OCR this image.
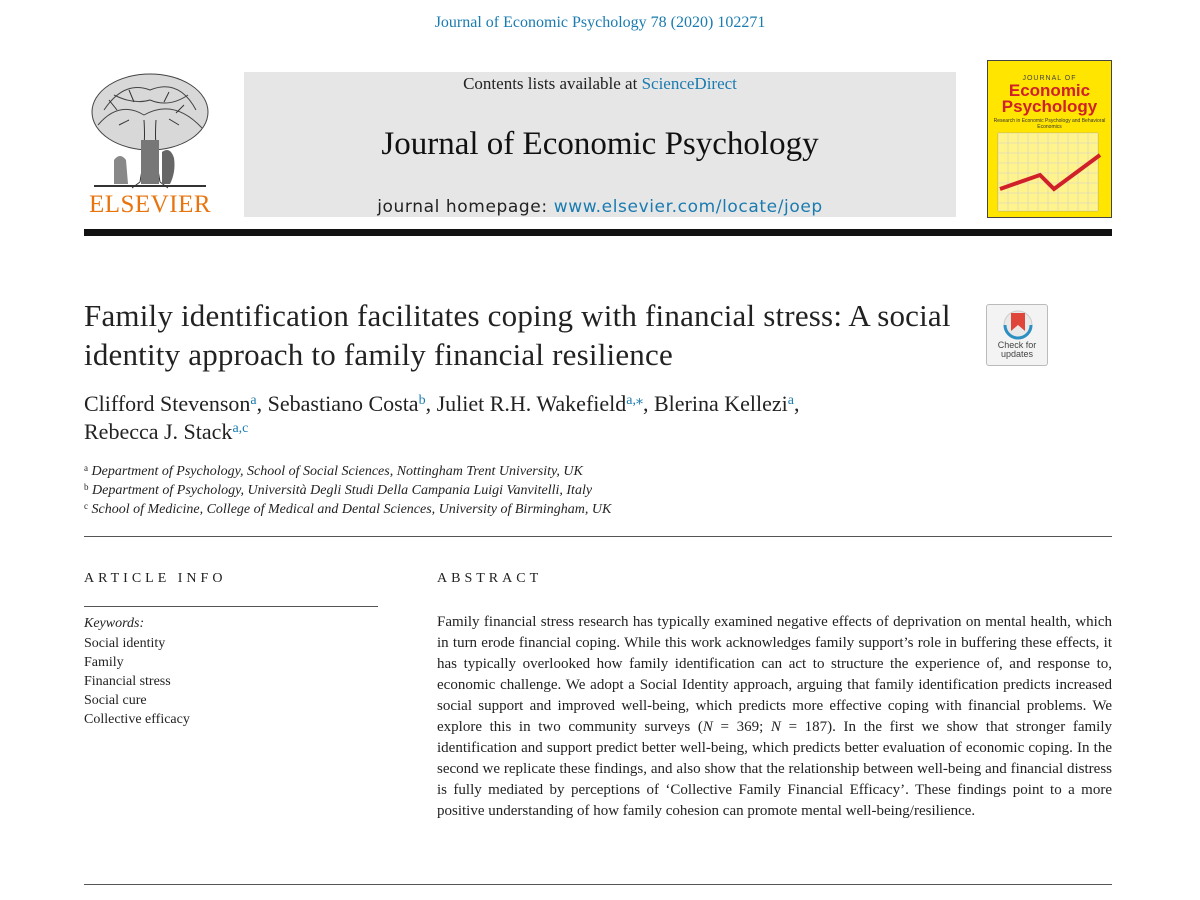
Journal of Economic Psychology 78 (2020) 102271
ELSEVIER
Contents lists available at ScienceDirect
Journal of Economic Psychology
journal homepage: www.elsevier.com/locate/joep
JOURNAL OF
Economic
Psychology
Research in Economic Psychology and Behavioral Economics
Family identification facilitates coping with financial stress: A social identity approach to family financial resilience	Check for updates
Clifford Stevenson$^a$, Sebastiano Costa$^b$, Juliet R.H. Wakefield$^{a,⁎}$, Blerina Kellezi$^a$,
Rebecca J. Stack$^{a,c}$
$^a$ Department of Psychology, School of Social Sciences, Nottingham Trent University, UK
$^b$ Department of Psychology, Università Degli Studi Della Campania Luigi Vanvitelli, Italy
$^c$ School of Medicine, College of Medical and Dental Sciences, University of Birmingham, UK
ARTICLE INFO
Keywords:
Social identity
Family
Financial stress
Social cure
Collective efficacy
ABSTRACT

Family financial stress research has typically examined negative effects of deprivation on mental health, which in turn erode financial coping. While this work acknowledges family support’s role in buffering these effects, it has typically overlooked how family identification can act to structure the experience of, and response to, economic challenge. We adopt a Social Identity approach, arguing that family identification predicts increased social support and improved well-being, which predicts more effective coping with financial problems. We explore this in two community surveys (N = 369; N = 187). In the first we show that stronger family identification and support predict better well-being, which predicts better evaluation of economic coping. In the second we replicate these findings, and also show that the relationship between well-being and financial distress is fully mediated by perceptions of ‘Collective Family Financial Efficacy’. These findings point to a more positive understanding of how family cohesion can promote mental well-being/resilience.
